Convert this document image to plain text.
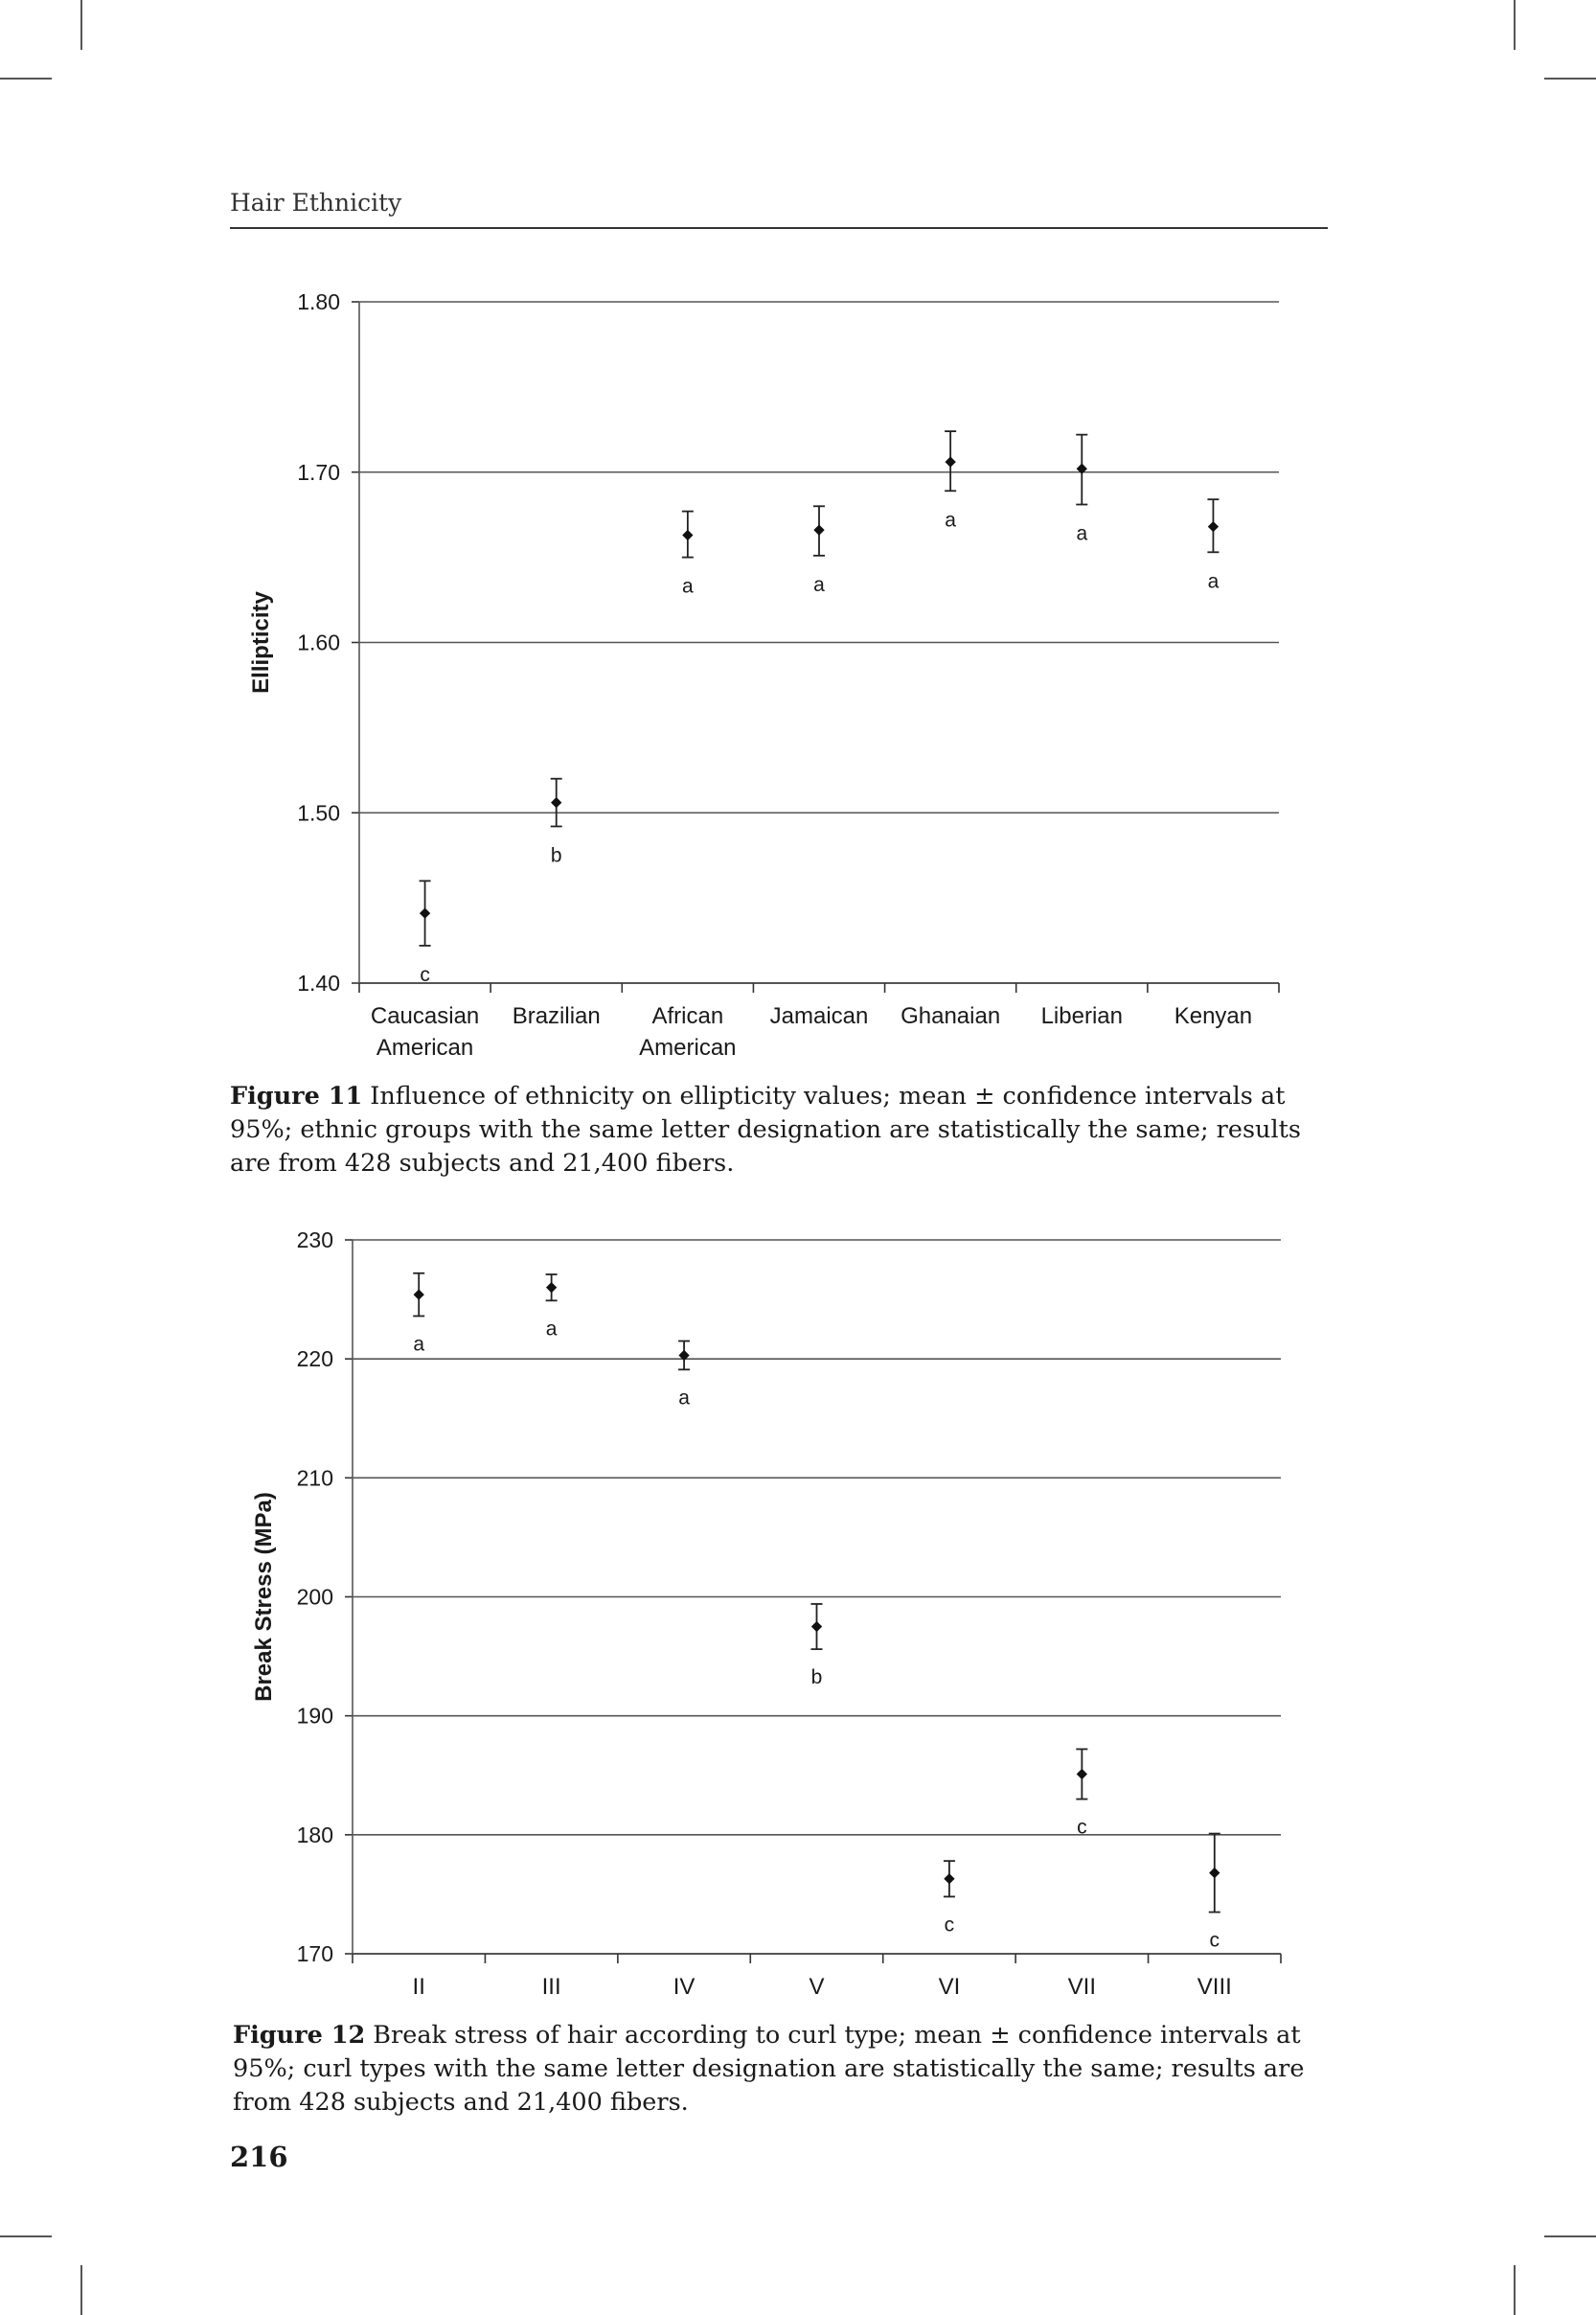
Hair Ethnicity
1.40
1.50
1.60
1.70
1.80
Ellipticity
Caucasian
American
Brazilian African
American
Jamaican Ghanaian Liberian Kenyan
c
b
a	a
a
a
a
Figure 11 Influence of ethnicity on ellipticity values; mean ± confidence intervals at 95%; ethnic groups with the same letter designation are statistically the same; results are from 428 subjects and 21,400 fibers.
170
180
190
200
210
220
230
Break Stress (MPa)
II	III	IV	V	VI	VII	VIII
a
a
a
b
c
c
c
Figure 12 Break stress of hair according to curl type; mean ± confidence intervals at 95%; curl types with the same letter designation are statistically the same; results are from 428 subjects and 21,400 fibers.
216
